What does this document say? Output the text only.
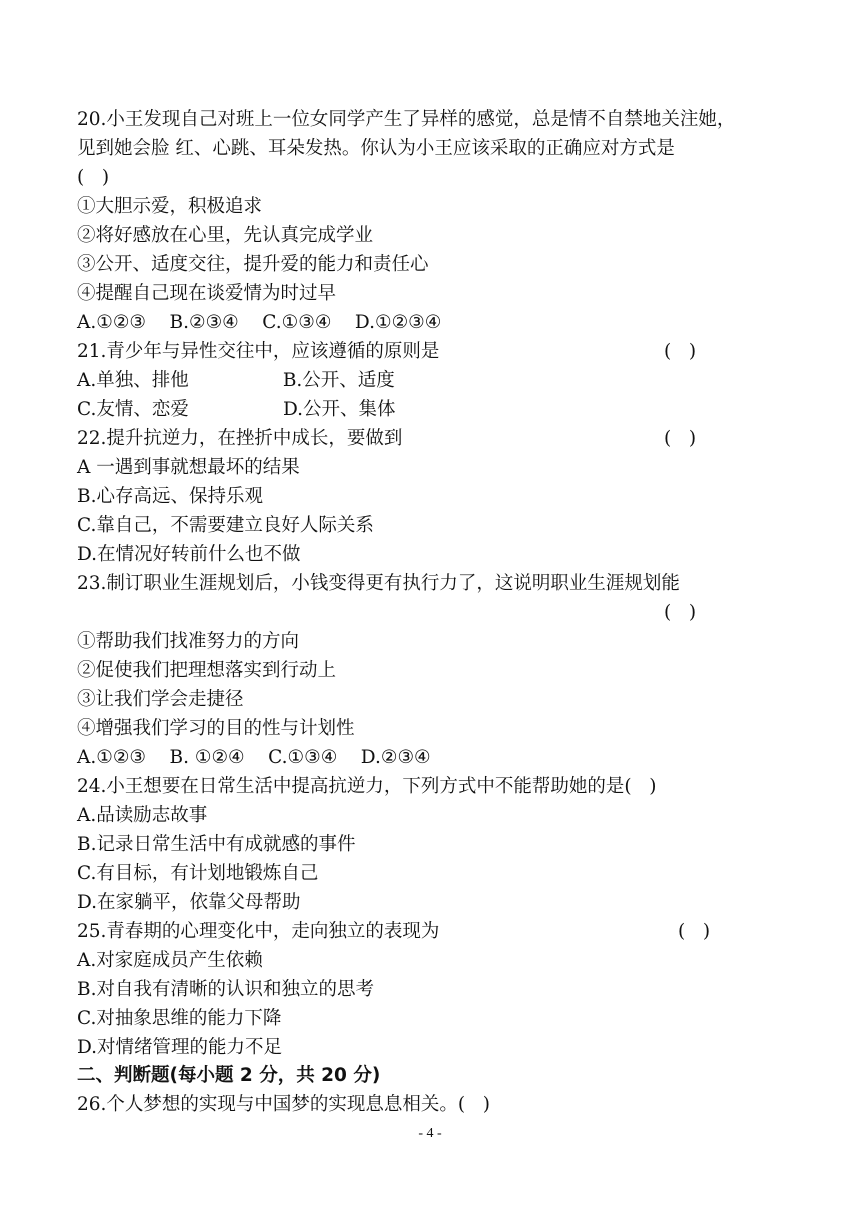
20.小王发现自己对班上一位女同学产生了异样的感觉，总是情不自禁地关注她，
见到她会脸 红、心跳、耳朵发热。你认为小王应该采取的正确应对方式是
(   )
①大胆示爱，积极追求
②将好感放在心里，先认真完成学业
③公开、适度交往，提升爱的能力和责任心
④提醒自己现在谈爱情为时过早
A.①②③    B.②③④    C.①③④    D.①②③④
21.青少年与异性交往中，应该遵循的原则是	(   )
A.单独、排他                B.公开、适度
C.友情、恋爱                D.公开、集体
22.提升抗逆力，在挫折中成长，要做到	(   )
A 一遇到事就想最坏的结果
B.心存高远、保持乐观
C.靠自己，不需要建立良好人际关系
D.在情况好转前什么也不做
23.制订职业生涯规划后，小钱变得更有执行力了，这说明职业生涯规划能
(   )
①帮助我们找准努力的方向
②促使我们把理想落实到行动上
③让我们学会走捷径
④增强我们学习的目的性与计划性
A.①②③    B. ①②④    C.①③④    D.②③④
24.小王想要在日常生活中提高抗逆力，下列方式中不能帮助她的是(   )
A.品读励志故事
B.记录日常生活中有成就感的事件
C.有目标，有计划地锻炼自己
D.在家躺平，依靠父母帮助
25.青春期的心理变化中，走向独立的表现为	(   )
A.对家庭成员产生依赖
B.对自我有清晰的认识和独立的思考
C.对抽象思维的能力下降
D.对情绪管理的能力不足
二、判断题(每小题 2 分，共 20 分)
26.个人梦想的实现与中国梦的实现息息相关。(   )
- 4 -
